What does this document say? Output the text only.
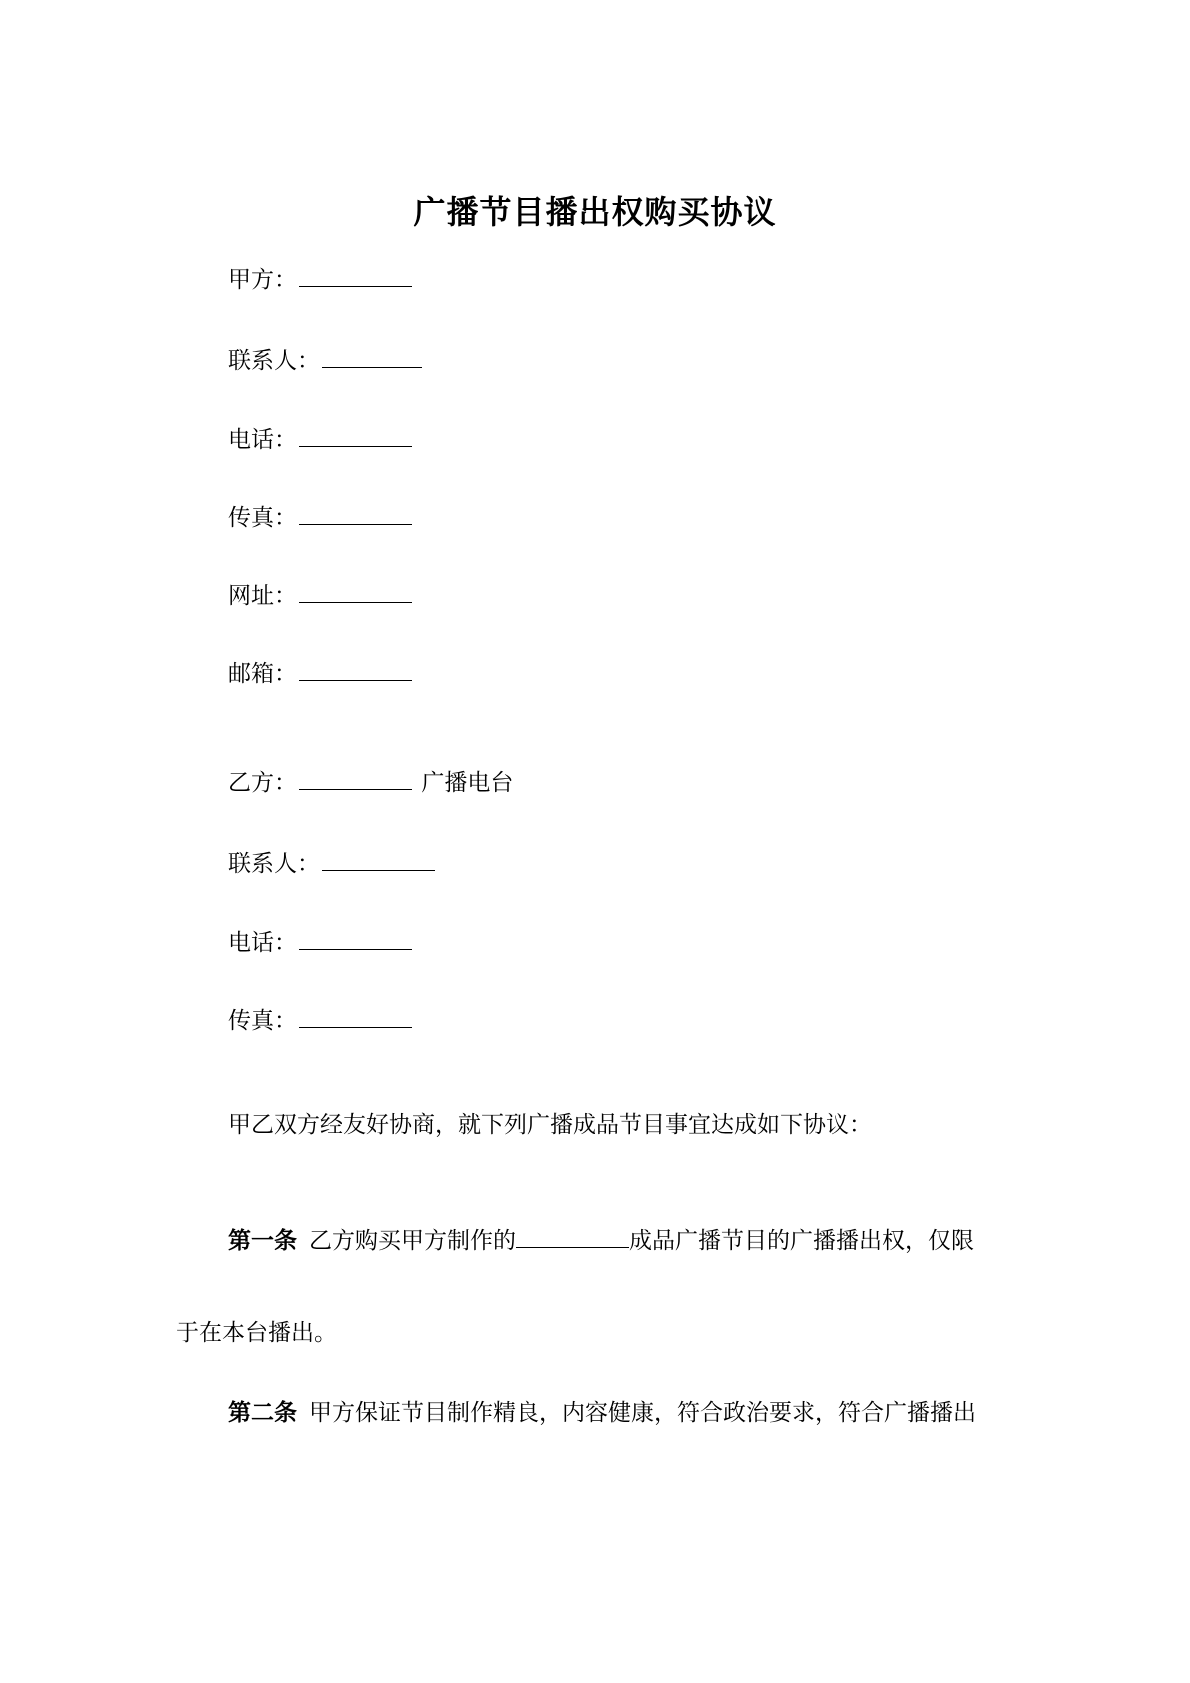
广播节目播出权购买协议
甲方：
联系人：
电话：
传真：
网址：
邮箱：
乙方：	广播电台
联系人：
电话：
传真：
甲乙双方经友好协商，就下列广播成品节目事宜达成如下协议：
第一条 乙方购买甲方制作的	成品广播节目的广播播出权，仅限
于在本台播出。
第二条 甲方保证节目制作精良，内容健康，符合政治要求，符合广播播出
